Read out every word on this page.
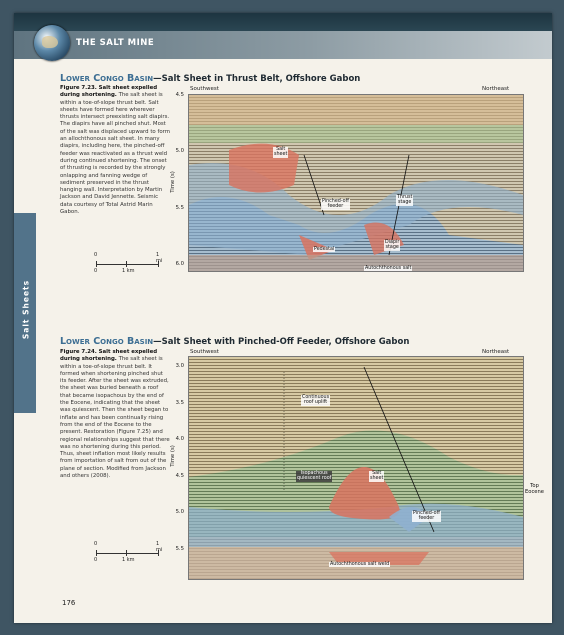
THE SALT MINE
Salt Sheets
Lower Congo Basin—Salt Sheet in Thrust Belt, Offshore Gabon
Figure 7.23. Salt sheet expelled during shortening. The salt sheet is within a toe-of-slope thrust belt. Salt sheets have formed here wherever thrusts intersect preexisting salt diapirs. The diapirs have all pinched shut. Most of the salt was displaced upward to form an allochthonous salt sheet. In many diapirs, including here, the pinched-off feeder was reactivated as a thrust weld during continued shortening. The onset of thrusting is recorded by the strongly onlapping and fanning wedge of sediment preserved in the thrust hanging wall. Interpretation by Martin Jackson and David Jennette. Seismic data courtesy of Total Astrid Marin Gabon.
0	1 mi
0	1 km
Southwest	Northeast
4.5
5.0
5.5
6.0
Time (s)
Salt
sheet
Pinched-off
feeder
Thrust
stage
Pedestal
Diapir
stage
Autochthonous salt
Lower Congo Basin—Salt Sheet with Pinched-Off Feeder, Offshore Gabon
Figure 7.24. Salt sheet expelled during shortening. The salt sheet is within a toe-of-slope thrust belt. It formed when shortening pinched shut its feeder. After the sheet was extruded, the sheet was buried beneath a roof that became isopachous by the end of the Eocene, indicating that the sheet was quiescent. Then the sheet began to inflate and has been continually rising from the end of the Eocene to the present. Restoration (Figure 7.25) and regional relationships suggest that there was no shortening during this period. Thus, sheet inflation most likely results from importation of salt from out of the plane of section. Modified from Jackson and others (2008).
0	1 mi
0	1 km
Southwest	Northeast
3.0
3.5
4.0
4.5
5.0
5.5
Time (s)
Continuous
roof uplift
Isopachous
quiescent roof
Salt
sheet
Pinched-off
feeder
Autochthonous salt weld
Top
Eocene
176
